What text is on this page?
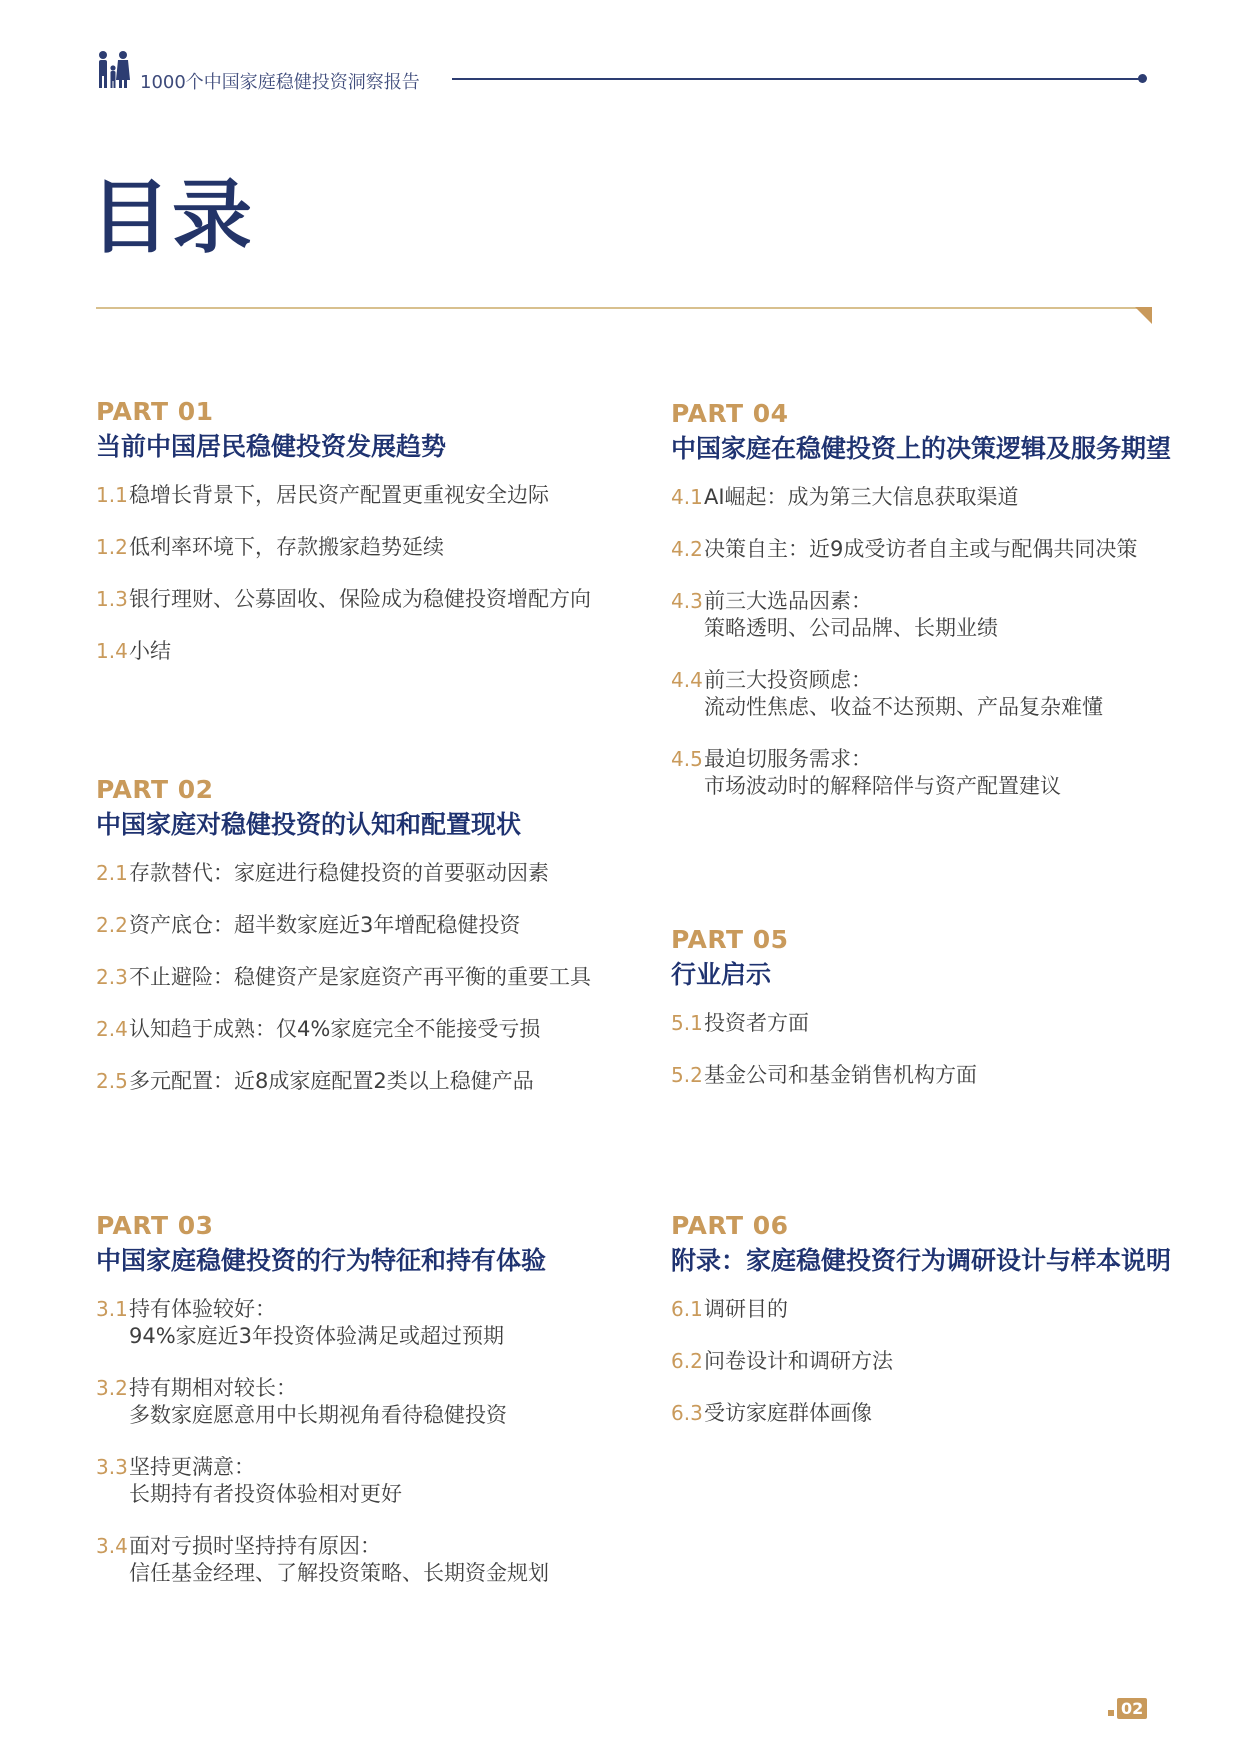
1000个中国家庭稳健投资洞察报告
目录
PART 01
当前中国居民稳健投资发展趋势
1.1 稳增长背景下，居民资产配置更重视安全边际
1.2 低利率环境下，存款搬家趋势延续
1.3 银行理财、公募固收、保险成为稳健投资增配方向
1.4 小结
PART 02
中国家庭对稳健投资的认知和配置现状
2.1 存款替代：家庭进行稳健投资的首要驱动因素
2.2 资产底仓：超半数家庭近3年增配稳健投资
2.3 不止避险：稳健资产是家庭资产再平衡的重要工具
2.4 认知趋于成熟：仅4%家庭完全不能接受亏损
2.5 多元配置：近8成家庭配置2类以上稳健产品
PART 03
中国家庭稳健投资的行为特征和持有体验
3.1 持有体验较好：
94%家庭近3年投资体验满足或超过预期
3.2 持有期相对较长：
多数家庭愿意用中长期视角看待稳健投资
3.3 坚持更满意：
长期持有者投资体验相对更好
3.4 面对亏损时坚持持有原因：
信任基金经理、了解投资策略、长期资金规划
PART 04
中国家庭在稳健投资上的决策逻辑及服务期望
4.1 AI崛起：成为第三大信息获取渠道
4.2 决策自主：近9成受访者自主或与配偶共同决策
4.3 前三大选品因素：
策略透明、公司品牌、长期业绩
4.4 前三大投资顾虑：
流动性焦虑、收益不达预期、产品复杂难懂
4.5 最迫切服务需求：
市场波动时的解释陪伴与资产配置建议
PART 05
行业启示
5.1 投资者方面
5.2 基金公司和基金销售机构方面
PART 06
附录：家庭稳健投资行为调研设计与样本说明
6.1 调研目的
6.2 问卷设计和调研方法
6.3 受访家庭群体画像
02
